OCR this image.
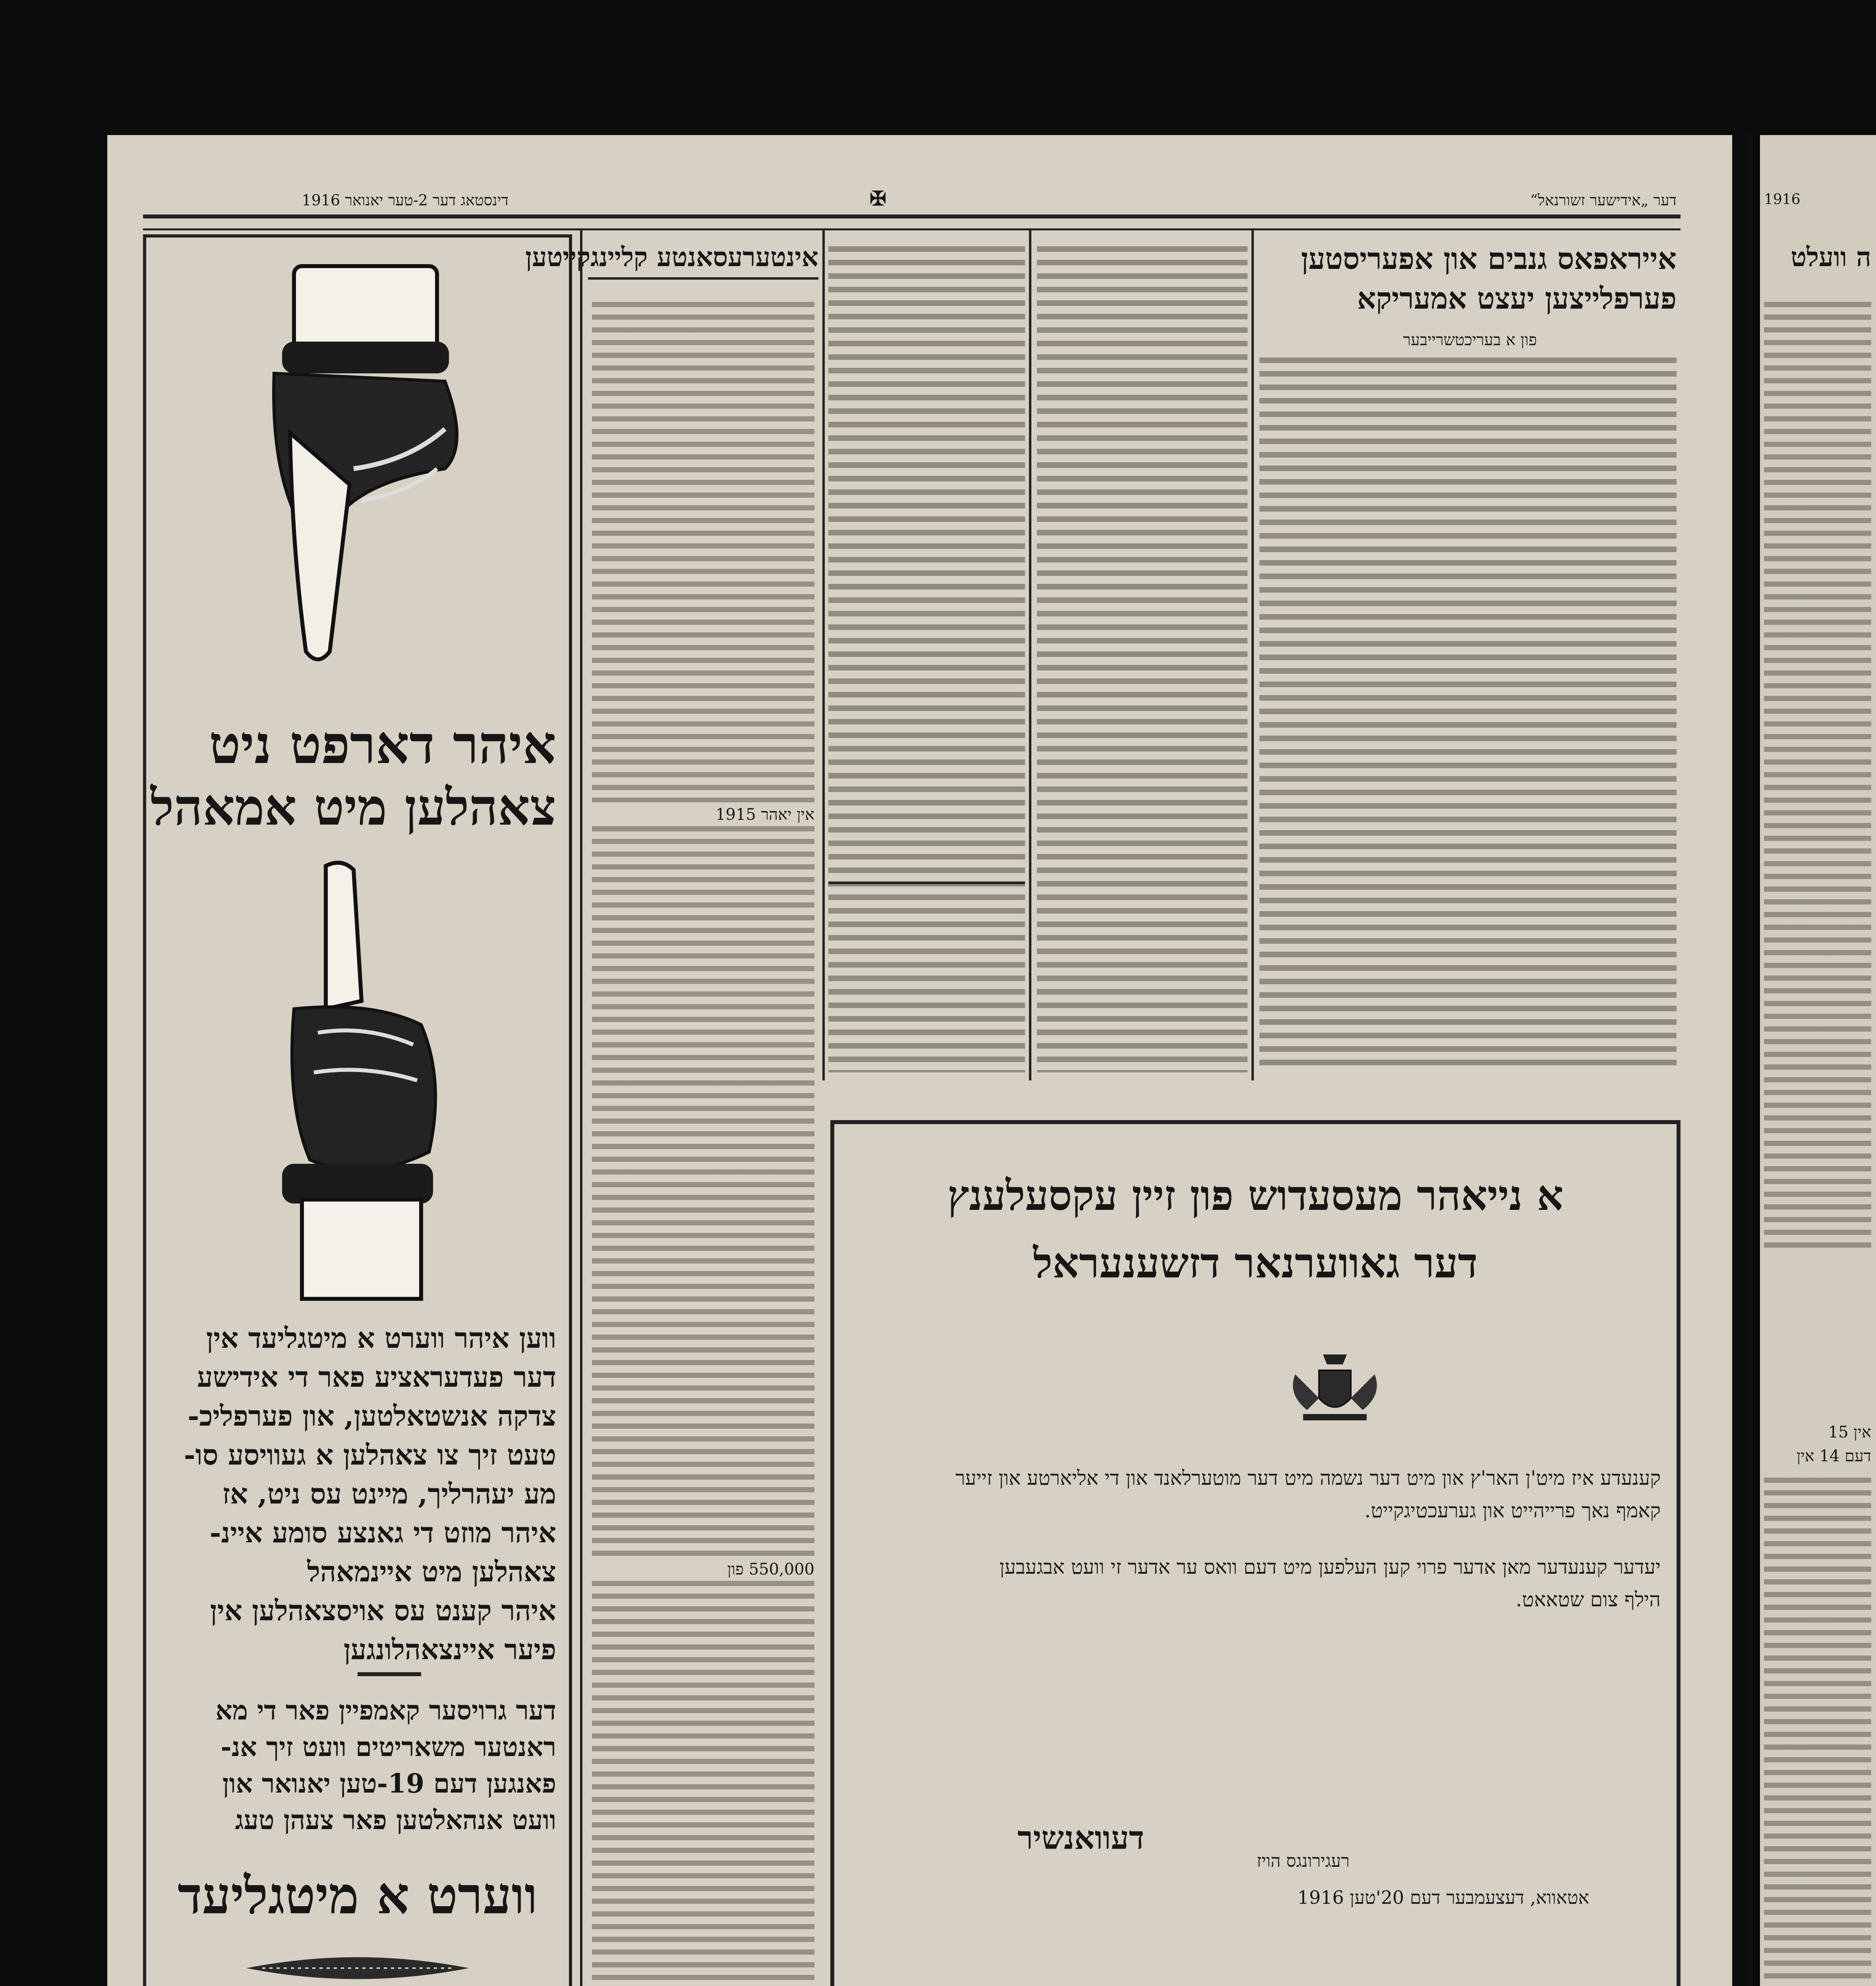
דינסטאג דער 2-טער יאנואר 1916	דער „אידישער זשורנאל“
✠	1916
איהר דארפט ניט
צאהלען מיט אמאהל
ווען איהר ווערט א מיטגליעד אין
דער פעדעראציע פאר די אידישע
צדקה אנשטאלטען, און פערפליכ-
טעט זיך צו צאהלען א געוויסע סו-
מע יעהרליך, מיינט עס ניט, אז
איהר מוזט די גאנצע סומע איינ-
צאהלען מיט איינמאהל
איהר קענט עס אויסצאהלען אין
פיער איינצאהלונגען
דער גרויסער קאמפיין פאר די מא
ראנטער משאריטים וועט זיך אנ-
פאנגען דעם 19-טען יאנואר און
וועט אנהאלטען פאר צעהן טעג
ווערט א מיטגליעד
אינטערעסאנטע קליינגקייטען
אין יאהר 1915
550,000 פון
אייראפאס גנבים און אפעריסטען
פערפלייצען יעצט אמעריקא
פון א בעריכטשרייבער
א נייאהר מעסעדוש פון זיין עקסעלענץ
דער גאווערנאר דזשענעראל
קענעדע איז מיט'ן האר'ץ און מיט דער נשמה מיט דער מוטערלאנד און די אליארטע און זייער
קאמף נאך פרייהייט און גערעכטיגקייט.
יעדער קענעדער מאן אדער פרוי קען העלפען מיט דעם וואס ער אדער זי וועט אבגעבען
הילף צום שטאאט.
דעוואנשיר
רעגירונגס הויז
אטאווא, דעצעמבער דעם 20'טען 1916
ה וועלט
אין 15
דעם 14 אין
